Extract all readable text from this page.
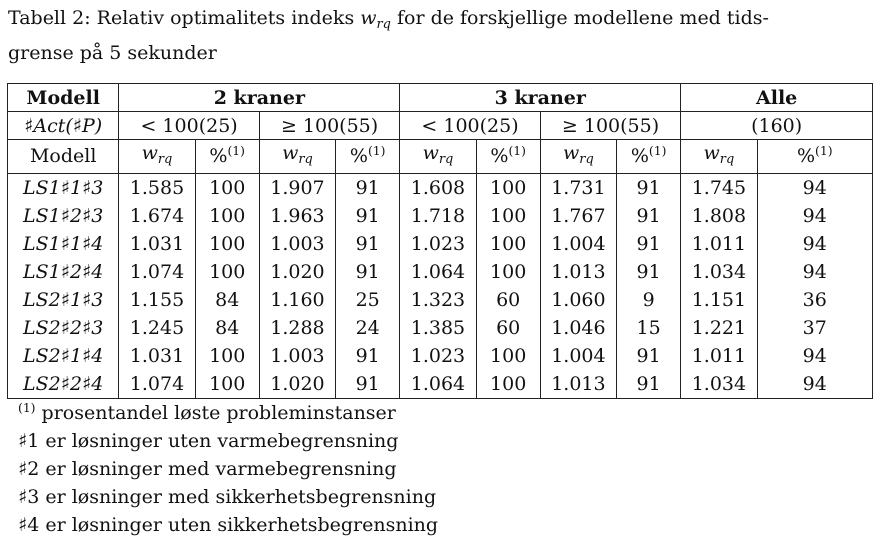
Tabell 2: Relativ optimalitets indeks $w_{rq}$ for de forskjellige modellene med tids-
grense på 5 sekunder
Modell	2 kraner				3 kraner				Alle	
♯Act(♯P)	< 100(25)		≥ 100(55)		< 100(25)		≥ 100(55)		(160)	
Modell	$w_{rq}$	%$^{(1)}$	$w_{rq}$	%$^{(1)}$	$w_{rq}$	%$^{(1)}$	$w_{rq}$	%$^{(1)}$	$w_{rq}$	%$^{(1)}$
LS1♯1♯3	1.585	100	1.907	91	1.608	100	1.731	91	1.745	94
LS1♯2♯3	1.674	100	1.963	91	1.718	100	1.767	91	1.808	94
LS1♯1♯4	1.031	100	1.003	91	1.023	100	1.004	91	1.011	94
LS1♯2♯4	1.074	100	1.020	91	1.064	100	1.013	91	1.034	94
LS2♯1♯3	1.155	84	1.160	25	1.323	60	1.060	9	1.151	36
LS2♯2♯3	1.245	84	1.288	24	1.385	60	1.046	15	1.221	37
LS2♯1♯4	1.031	100	1.003	91	1.023	100	1.004	91	1.011	94
LS2♯2♯4	1.074	100	1.020	91	1.064	100	1.013	91	1.034	94
$^{(1)}$ prosentandel løste probleminstanser
♯1 er løsninger uten varmebegrensning
♯2 er løsninger med varmebegrensning
♯3 er løsninger med sikkerhetsbegrensning
♯4 er løsninger uten sikkerhetsbegrensning
